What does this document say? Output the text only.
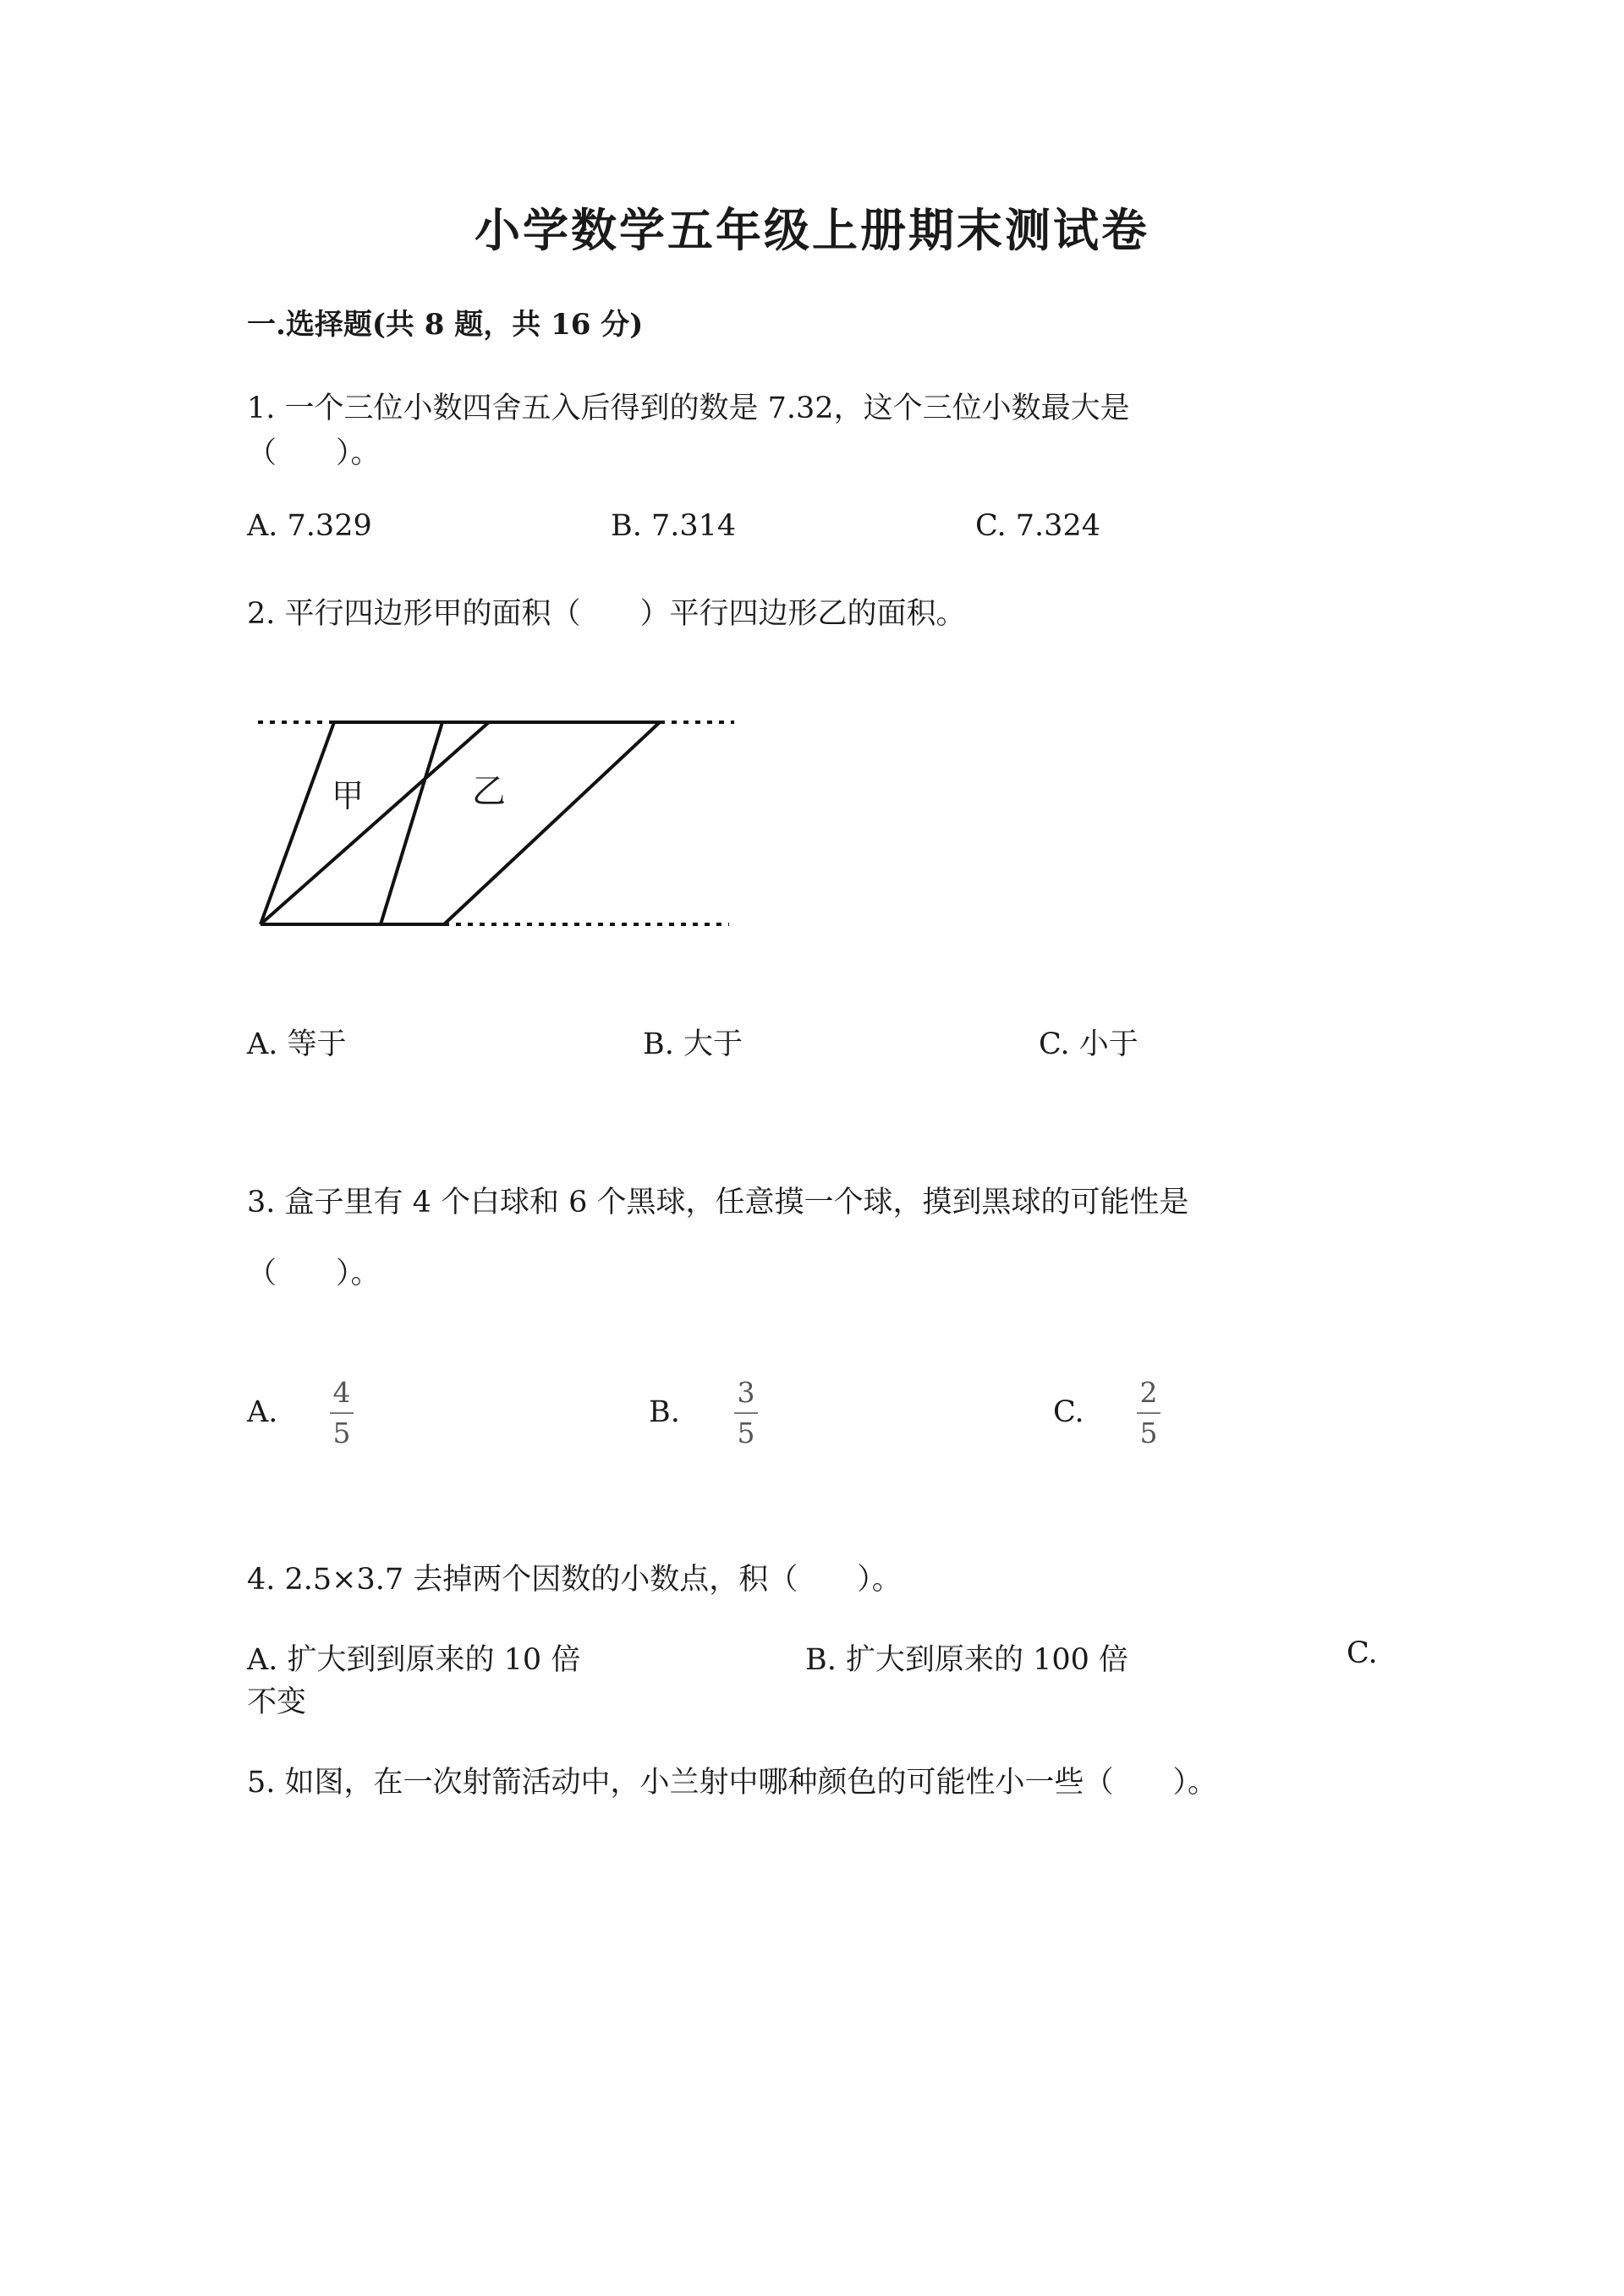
小学数学五年级上册期末测试卷
一.选择题(共 8 题，共 16 分)
1. 一个三位小数四舍五入后得到的数是 7.32，这个三位小数最大是
（　　）。
A. 7.329	B. 7.314	C. 7.324
2. 平行四边形甲的面积（　　）平行四边形乙的面积。
甲	乙
A. 等于	B. 大于	C. 小于
3. 盒子里有 4 个白球和 6 个黑球，任意摸一个球，摸到黑球的可能性是
（　　）。
A.
4
5
B.
3
5
C.
2
5
4. 2.5×3.7 去掉两个因数的小数点，积（　　）。
A. 扩大到到原来的 10 倍	B. 扩大到原来的 100 倍	C.
不变
5. 如图，在一次射箭活动中，小兰射中哪种颜色的可能性小一些（　　）。
